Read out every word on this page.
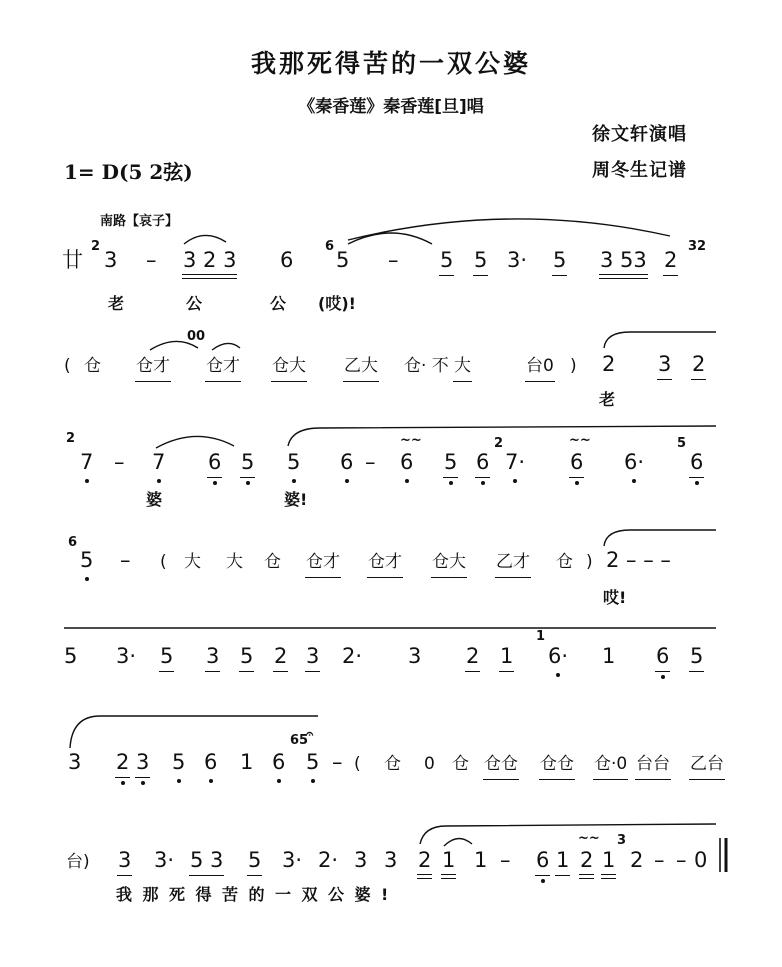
我那死得苦的一双公婆
《秦香莲》秦香莲[旦]唱
徐文轩演唱
周冬生记谱
1= D(5 2弦)
南路【哀子】
廿
2
3 – 3 2 3 6
6
5 – 5 5 3· 5 3 53 2
32
老	公	公 (哎)!
( 仓 仓才
00
仓才 仓大 乙大 仓· 不 大	台0 ) 2 3 2
老
2
7 – 7 6 5 5 6 –
~~
6 5 6
2
7·
~~
6 6·
5
6
婆	婆!
6
5 – ( 大 大 仓 仓才 仓才 仓大 乙才 仓 ) 2 – – –
哎!
5 3· 5 3 5 2 3 2· 3 2 1
1
6· 1 6 5
3 2 3 5 6 1 6
65
𝄐
5 – ( 仓 0 仓 仓仓 仓仓 仓·0 台台 乙台
台) 3 3· 5 3 5 3· 2· 3 3 2 1 1 – 6 1
~~
2 1
3
2 – – 0
我那死得苦的一双公婆!
